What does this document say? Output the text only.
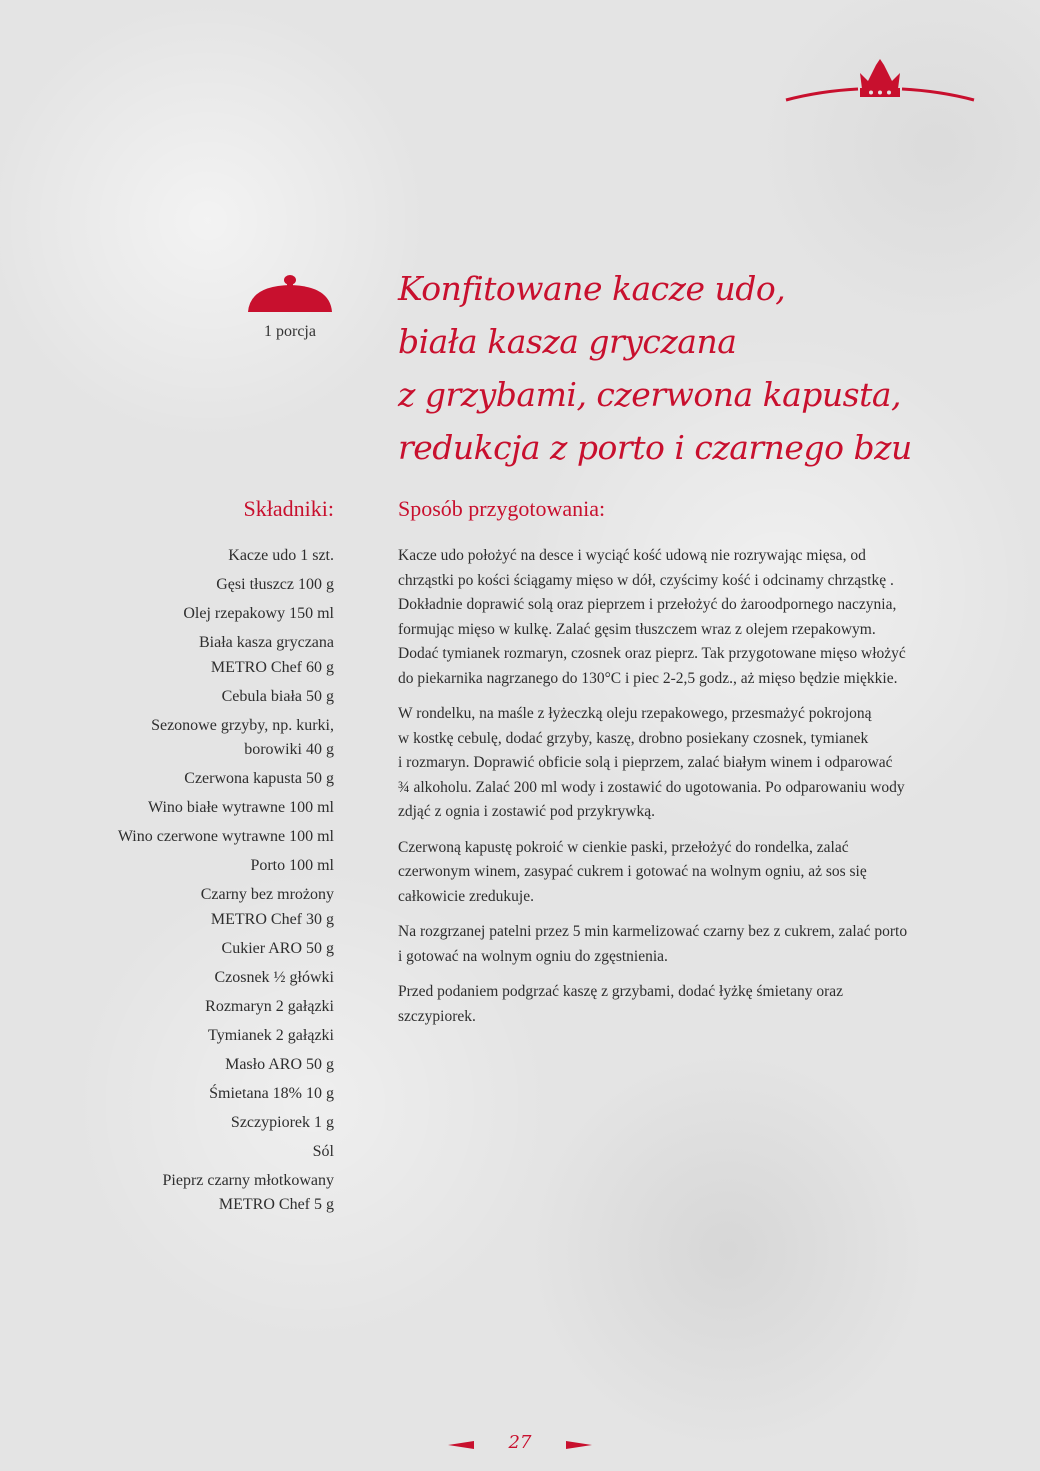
1 porcja
Konfitowane kacze udo,
biała kasza gryczana
z grzybami, czerwona kapusta,
redukcja z porto i czarnego bzu
Składniki:	Sposób przygotowania:
Kacze udo 1 szt.
Gęsi tłuszcz 100 g
Olej rzepakowy 150 ml
Biała kasza gryczana
METRO Chef 60 g
Cebula biała 50 g
Sezonowe grzyby, np. kurki,
borowiki 40 g
Czerwona kapusta 50 g
Wino białe wytrawne 100 ml
Wino czerwone wytrawne 100 ml
Porto 100 ml
Czarny bez mrożony
METRO Chef 30 g
Cukier ARO 50 g
Czosnek ½ główki
Rozmaryn 2 gałązki
Tymianek 2 gałązki
Masło ARO 50 g
Śmietana 18% 10 g
Szczypiorek 1 g
Sól
Pieprz czarny młotkowany
METRO Chef 5 g

Kacze udo położyć na desce i wyciąć kość udową nie rozrywając mięsa, od
chrząstki po kości ściągamy mięso w dół, czyścimy kość i odcinamy chrząstkę .
Dokładnie doprawić solą oraz pieprzem i przełożyć do żaroodpornego naczynia,
formując mięso w kulkę. Zalać gęsim tłuszczem wraz z olejem rzepakowym.
Dodać tymianek rozmaryn, czosnek oraz pieprz. Tak przygotowane mięso włożyć
do piekarnika nagrzanego do 130°C i piec 2-2,5 godz., aż mięso będzie miękkie.

W rondelku, na maśle z łyżeczką oleju rzepakowego, przesmażyć pokrojoną
w kostkę cebulę, dodać grzyby, kaszę, drobno posiekany czosnek, tymianek
i rozmaryn. Doprawić obficie solą i pieprzem, zalać białym winem i odparować
¾ alkoholu. Zalać 200 ml wody i zostawić do ugotowania. Po odparowaniu wody
zdjąć z ognia i zostawić pod przykrywką.

Czerwoną kapustę pokroić w cienkie paski, przełożyć do rondelka, zalać
czerwonym winem, zasypać cukrem i gotować na wolnym ogniu, aż sos się
całkowicie zredukuje.

Na rozgrzanej patelni przez 5 min karmelizować czarny bez z cukrem, zalać porto
i gotować na wolnym ogniu do zgęstnienia.

Przed podaniem podgrzać kaszę z grzybami, dodać łyżkę śmietany oraz
szczypiorek.

27
